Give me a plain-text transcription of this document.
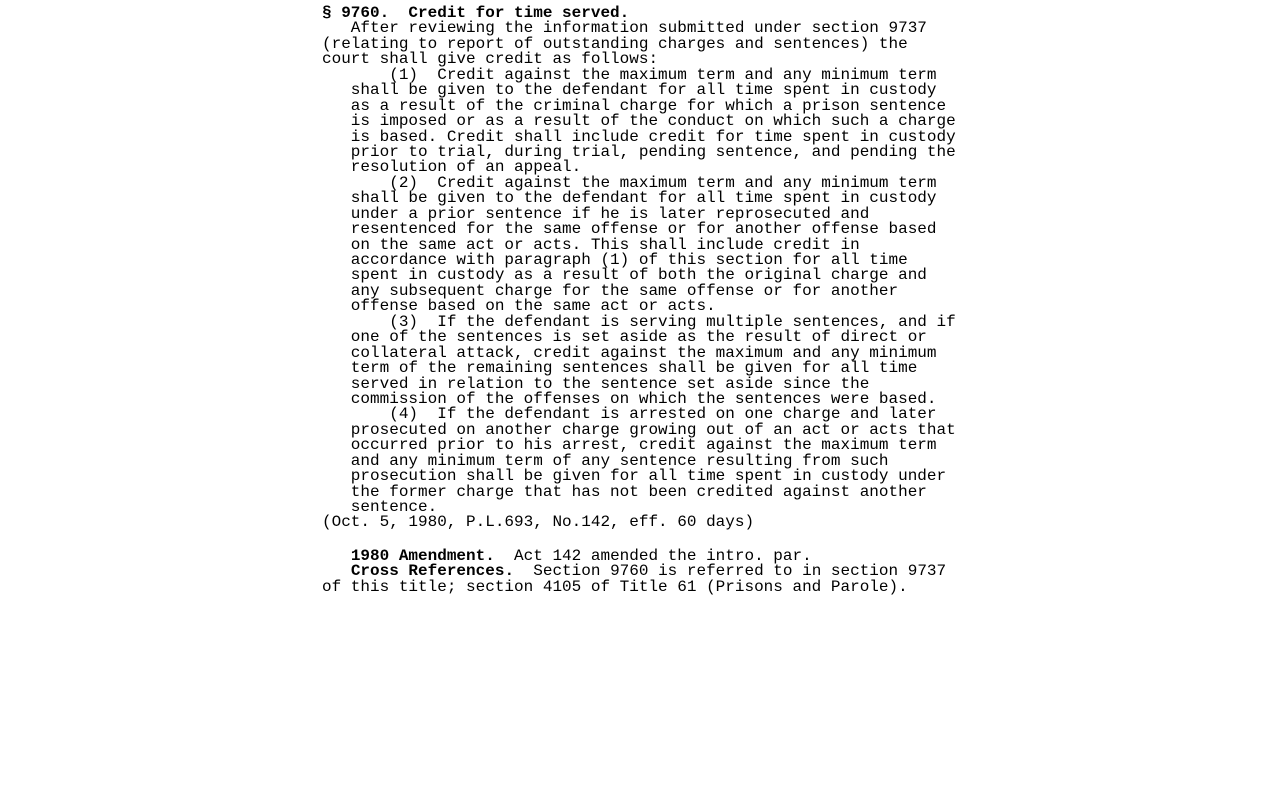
§ 9760.  Credit for time served.
After reviewing the information submitted under section 9737
(relating to report of outstanding charges and sentences) the
court shall give credit as follows:
(1)  Credit against the maximum term and any minimum term
shall be given to the defendant for all time spent in custody
as a result of the criminal charge for which a prison sentence
is imposed or as a result of the conduct on which such a charge
is based. Credit shall include credit for time spent in custody
prior to trial, during trial, pending sentence, and pending the
resolution of an appeal.
(2)  Credit against the maximum term and any minimum term
shall be given to the defendant for all time spent in custody
under a prior sentence if he is later reprosecuted and
resentenced for the same offense or for another offense based
on the same act or acts. This shall include credit in
accordance with paragraph (1) of this section for all time
spent in custody as a result of both the original charge and
any subsequent charge for the same offense or for another
offense based on the same act or acts.
(3)  If the defendant is serving multiple sentences, and if
one of the sentences is set aside as the result of direct or
collateral attack, credit against the maximum and any minimum
term of the remaining sentences shall be given for all time
served in relation to the sentence set aside since the
commission of the offenses on which the sentences were based.
(4)  If the defendant is arrested on one charge and later
prosecuted on another charge growing out of an act or acts that
occurred prior to his arrest, credit against the maximum term
and any minimum term of any sentence resulting from such
prosecution shall be given for all time spent in custody under
the former charge that has not been credited against another
sentence.
(Oct. 5, 1980, P.L.693, No.142, eff. 60 days)
1980 Amendment.  Act 142 amended the intro. par.
Cross References.  Section 9760 is referred to in section 9737
of this title; section 4105 of Title 61 (Prisons and Parole).
